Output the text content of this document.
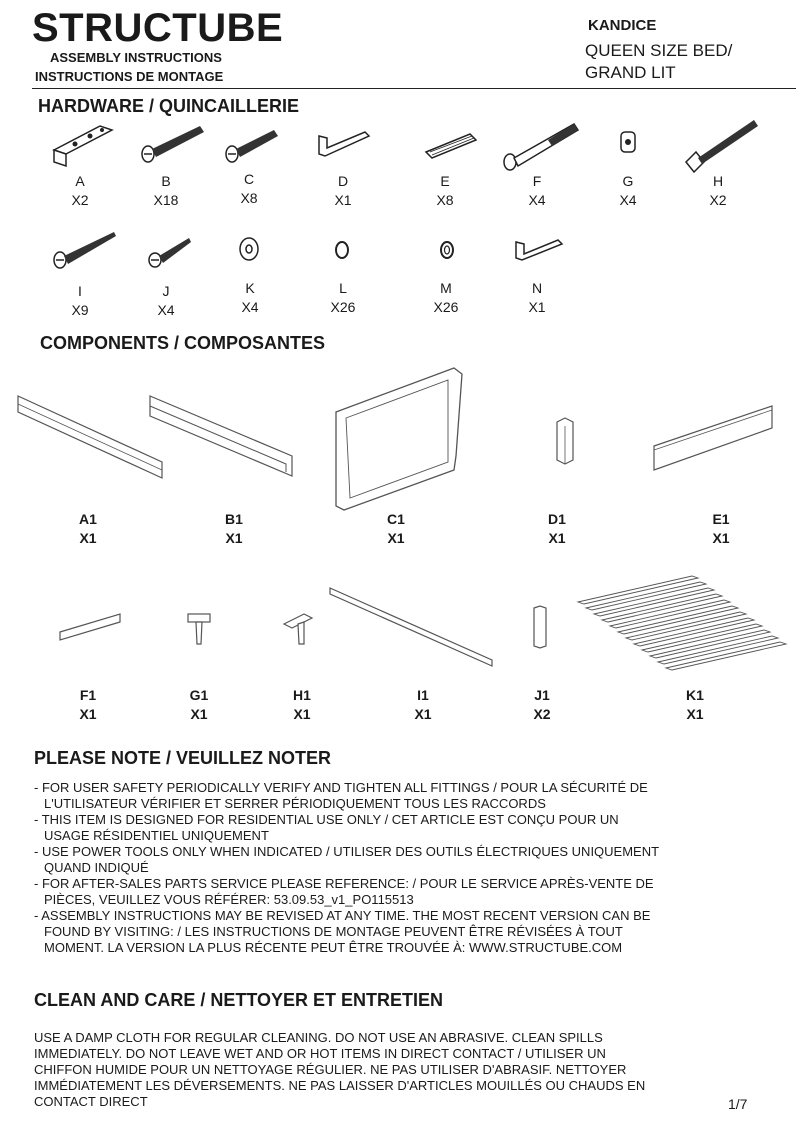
STRUCTUBE
ASSEMBLY INSTRUCTIONS
INSTRUCTIONS DE MONTAGE
KANDICE
QUEEN SIZE BED/
GRAND LIT
HARDWARE / QUINCAILLERIE
A
X2
B
X18
C
X8
D
X1
E
X8
F
X4
G
X4
H
X2
I
X9
J
X4
K
X4
L
X26
M
X26
N
X1
COMPONENTS / COMPOSANTES
A1
X1
B1
X1
C1
X1
D1
X1
E1
X1
F1
X1
G1
X1
H1
X1
I1
X1
J1
X2
K1
X1
PLEASE NOTE / VEUILLEZ NOTER
- FOR USER SAFETY PERIODICALLY VERIFY AND TIGHTEN ALL FITTINGS / POUR LA SÉCURITÉ DE
L'UTILISATEUR VÉRIFIER ET SERRER PÉRIODIQUEMENT TOUS LES RACCORDS
- THIS ITEM IS DESIGNED FOR RESIDENTIAL USE ONLY / CET ARTICLE EST CONÇU POUR UN
USAGE RÉSIDENTIEL UNIQUEMENT
- USE POWER TOOLS ONLY WHEN INDICATED / UTILISER DES OUTILS ÉLECTRIQUES UNIQUEMENT
QUAND INDIQUÉ
- FOR AFTER-SALES PARTS SERVICE PLEASE REFERENCE: / POUR LE SERVICE APRÈS-VENTE DE
PIÈCES, VEUILLEZ VOUS RÉFÉRER: 53.09.53_v1_PO115513
- ASSEMBLY INSTRUCTIONS MAY BE REVISED AT ANY TIME. THE MOST RECENT VERSION CAN BE
FOUND BY VISITING: / LES INSTRUCTIONS DE MONTAGE PEUVENT ÊTRE RÉVISÉES À TOUT
MOMENT. LA VERSION LA PLUS RÉCENTE PEUT ÊTRE TROUVÉE À: WWW.STRUCTUBE.COM
CLEAN AND CARE / NETTOYER ET ENTRETIEN
USE A DAMP CLOTH FOR REGULAR CLEANING. DO NOT USE AN ABRASIVE. CLEAN SPILLS
IMMEDIATELY. DO NOT LEAVE WET AND OR HOT ITEMS IN DIRECT CONTACT / UTILISER UN
CHIFFON HUMIDE POUR UN NETTOYAGE RÉGULIER. NE PAS UTILISER D'ABRASIF. NETTOYER
IMMÉDIATEMENT LES DÉVERSEMENTS. NE PAS LAISSER D'ARTICLES MOUILLÉS OU CHAUDS EN
CONTACT DIRECT	1/7
